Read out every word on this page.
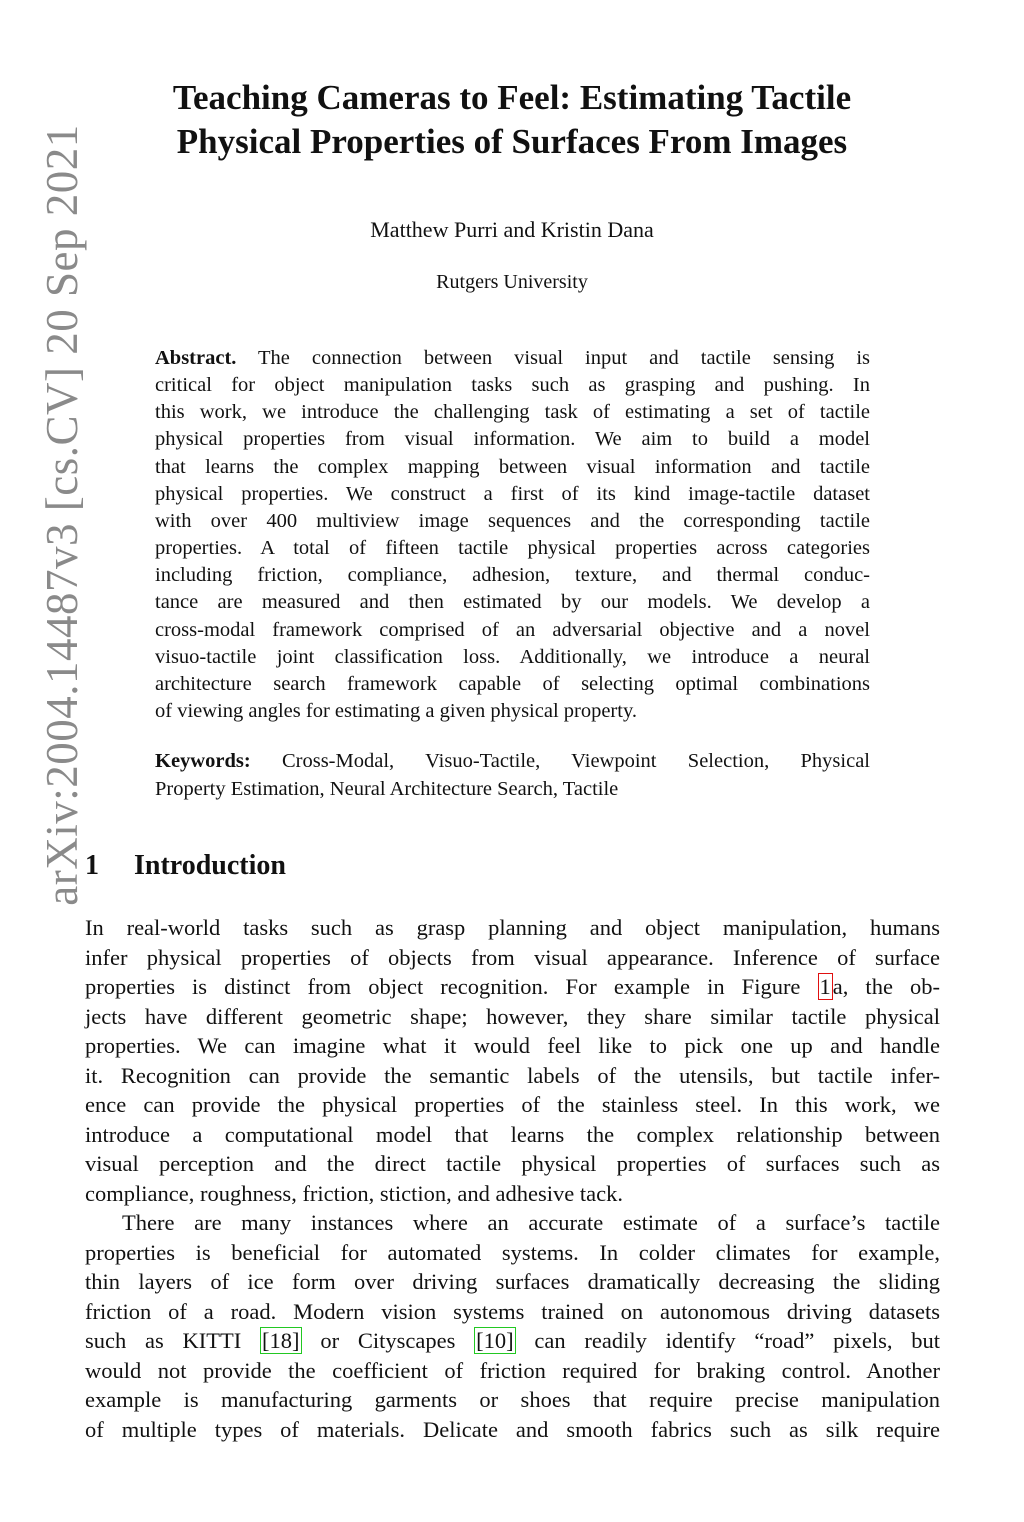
arXiv:2004.14487v3 [cs.CV] 20 Sep 2021
Teaching Cameras to Feel: Estimating Tactile
Physical Properties of Surfaces From Images
Matthew Purri and Kristin Dana
Rutgers University
Abstract. The connection between visual input and tactile sensing is
critical for object manipulation tasks such as grasping and pushing. In
this work, we introduce the challenging task of estimating a set of tactile
physical properties from visual information. We aim to build a model
that learns the complex mapping between visual information and tactile
physical properties. We construct a first of its kind image-tactile dataset
with over 400 multiview image sequences and the corresponding tactile
properties. A total of fifteen tactile physical properties across categories
including friction, compliance, adhesion, texture, and thermal conduc-
tance are measured and then estimated by our models. We develop a
cross-modal framework comprised of an adversarial objective and a novel
visuo-tactile joint classification loss. Additionally, we introduce a neural
architecture search framework capable of selecting optimal combinations
of viewing angles for estimating a given physical property.
Keywords: Cross-Modal, Visuo-Tactile, Viewpoint Selection, Physical
Property Estimation, Neural Architecture Search, Tactile
1 Introduction
In real-world tasks such as grasp planning and object manipulation, humans
infer physical properties of objects from visual appearance. Inference of surface
properties is distinct from object recognition. For example in Figure 1a, the ob-
jects have different geometric shape; however, they share similar tactile physical
properties. We can imagine what it would feel like to pick one up and handle
it. Recognition can provide the semantic labels of the utensils, but tactile infer-
ence can provide the physical properties of the stainless steel. In this work, we
introduce a computational model that learns the complex relationship between
visual perception and the direct tactile physical properties of surfaces such as
compliance, roughness, friction, stiction, and adhesive tack.
There are many instances where an accurate estimate of a surface’s tactile
properties is beneficial for automated systems. In colder climates for example,
thin layers of ice form over driving surfaces dramatically decreasing the sliding
friction of a road. Modern vision systems trained on autonomous driving datasets
such as KITTI [18] or Cityscapes [10] can readily identify “road” pixels, but
would not provide the coefficient of friction required for braking control. Another
example is manufacturing garments or shoes that require precise manipulation
of multiple types of materials. Delicate and smooth fabrics such as silk require
